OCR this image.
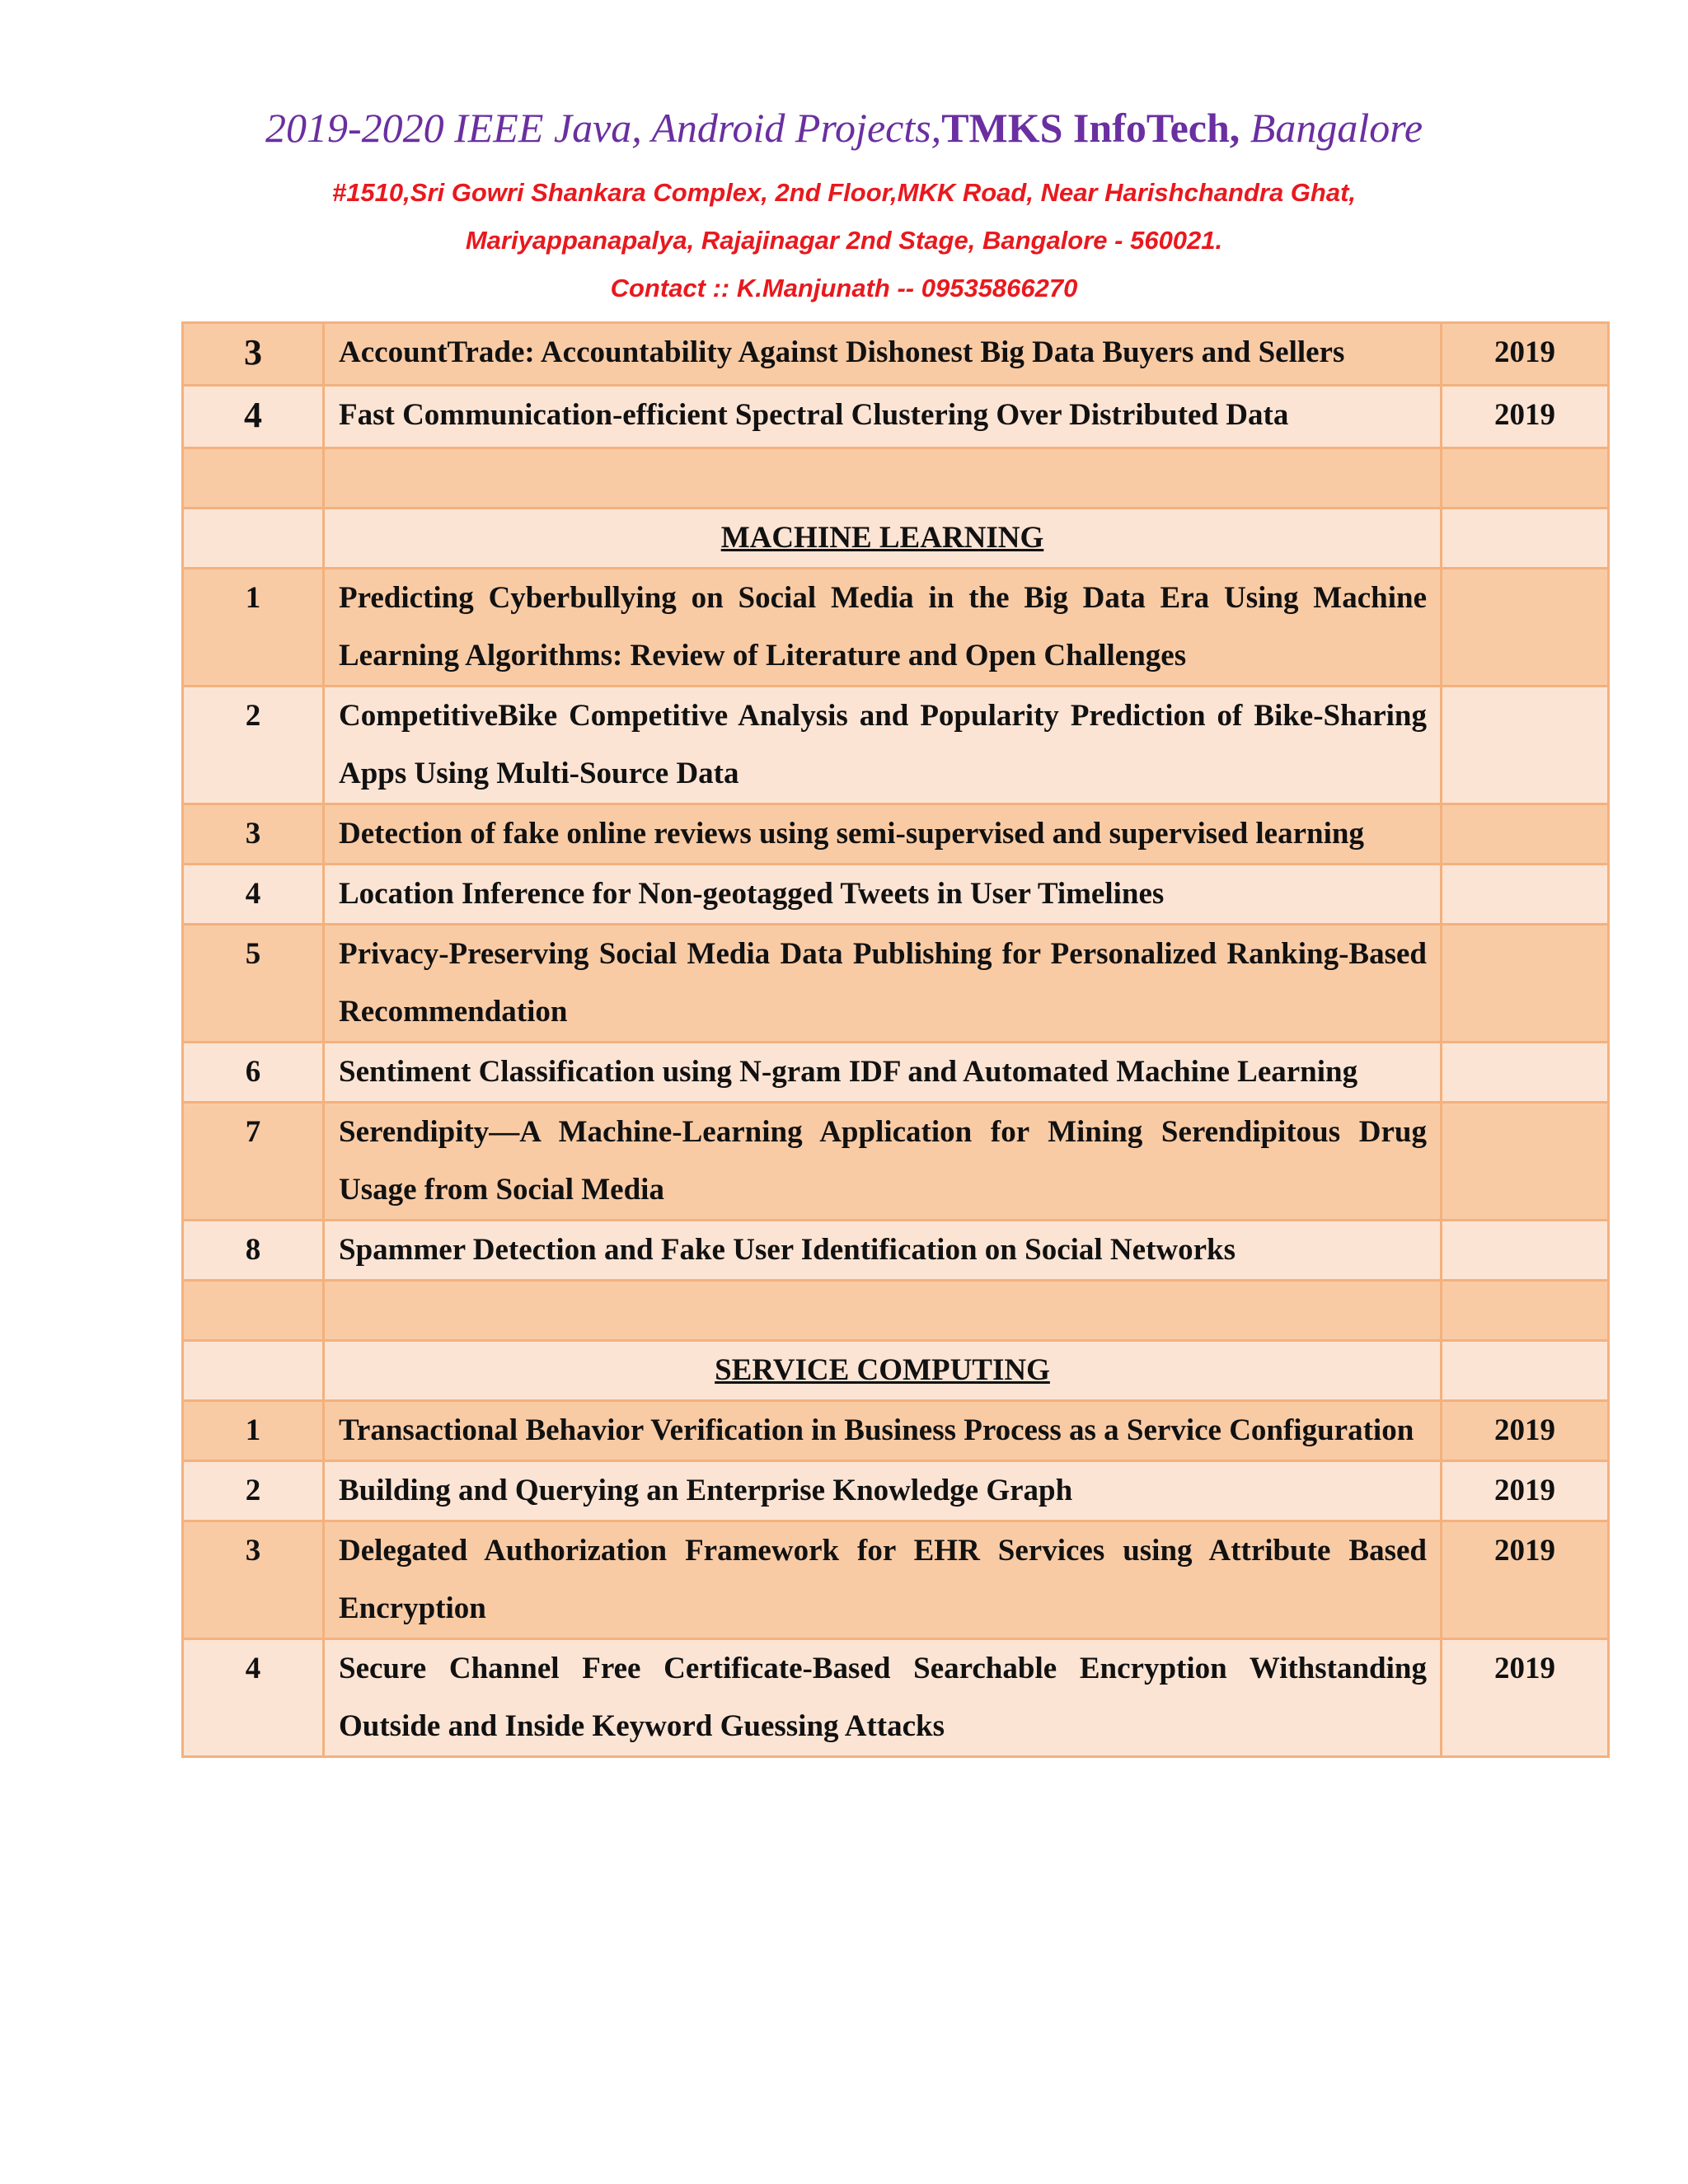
2019-2020 IEEE Java, Android Projects,TMKS InfoTech, Bangalore
#1510,Sri Gowri Shankara Complex, 2nd Floor,MKK Road, Near Harishchandra Ghat,
Mariyappanapalya, Rajajinagar 2nd Stage, Bangalore - 560021.
Contact :: K.Manjunath -- 09535866270
3	AccountTrade: Accountability Against Dishonest Big Data Buyers and Sellers	2019
4	Fast Communication-efficient Spectral Clustering Over Distributed Data	2019

	MACHINE LEARNING	
1	Predicting Cyberbullying on Social Media in the Big Data Era Using Machine Learning Algorithms: Review of Literature and Open Challenges	
2	CompetitiveBike Competitive Analysis and Popularity Prediction of Bike-Sharing Apps Using Multi-Source Data	
3	Detection of fake online reviews using semi-supervised and supervised learning	
4	Location Inference for Non-geotagged Tweets in User Timelines	
5	Privacy-Preserving Social Media Data Publishing for Personalized Ranking-Based Recommendation	
6	Sentiment Classification using N-gram IDF and Automated Machine Learning	
7	Serendipity—A Machine-Learning Application for Mining Serendipitous Drug Usage from Social Media	
8	Spammer Detection and Fake User Identification on Social Networks	

	SERVICE COMPUTING	
1	Transactional Behavior Verification in Business Process as a Service Configuration	2019
2	Building and Querying an Enterprise Knowledge Graph	2019
3	Delegated Authorization Framework for EHR Services using Attribute Based Encryption	2019
4	Secure Channel Free Certificate-Based Searchable Encryption Withstanding Outside and Inside Keyword Guessing Attacks	2019
